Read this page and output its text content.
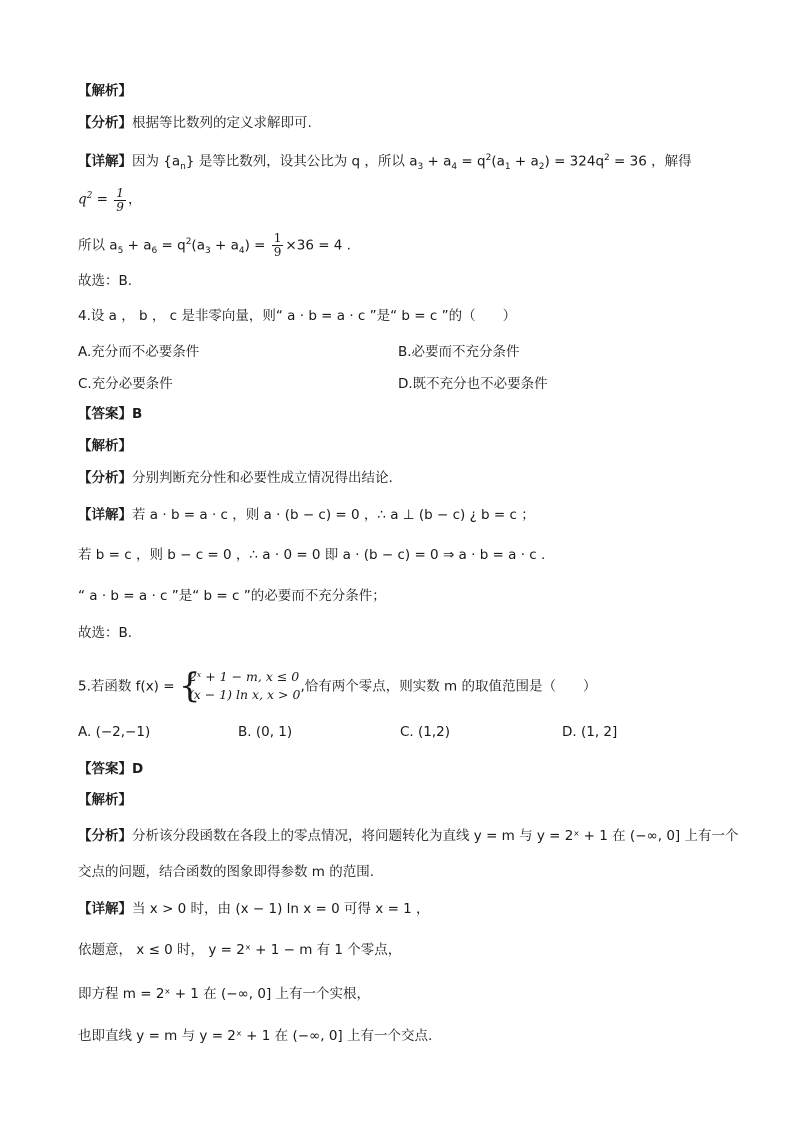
【解析】
【分析】根据等比数列的定义求解即可.
【详解】因为 $\{a_n\}$ 是等比数列，设其公比为 q ，所以 $a_3 + a_4 = q^2(a_1 + a_2) = 324q^2 = 36$ ，解得
$q^2 = \frac{1}{9}$ ，
所以 $a_5 + a_6 = q^2(a_3 + a_4) = \frac{1}{9} \times 36 = 4$ .
故选：B.
4.设 a ， b ， c 是非零向量，则“ a · b = a · c ”是“ b = c ”的（　　）
A.充分而不必要条件	B.必要而不充分条件
C.充分必要条件	D.既不充分也不必要条件
【答案】B
【解析】
【分析】分别判断充分性和必要性成立情况得出结论.
【详解】若 a · b = a · c ，则 a · (b − c) = 0 ，∴ a ⊥ (b − c) ¿ b = c ；
若 b = c ，则 b − c = 0 ，∴ a · 0 = 0 即 a · (b − c) = 0 ⇒ a · b = a · c .
“ a · b = a · c ”是“ b = c ”的必要而不充分条件；
故选：B.
5.若函数 f(x) = {
2ˣ + 1 − m, x ≤ 0
(x − 1) ln x, x > 0 ,恰有两个零点，则实数 m 的取值范围是（　　）
A. (−2,−1)	B. (0, 1)	C. (1,2)	D. (1, 2]
【答案】D
【解析】
【分析】分析该分段函数在各段上的零点情况，将问题转化为直线 y = m 与 y = 2ˣ + 1 在 (−∞, 0] 上有一个
交点的问题，结合函数的图象即得参数 m 的范围.
【详解】当 x > 0 时，由 (x − 1) ln x = 0 可得 x = 1 ，
依题意， x ≤ 0 时， y = 2ˣ + 1 − m 有 1 个零点，
即方程 m = 2ˣ + 1 在 (−∞, 0] 上有一个实根，
也即直线 y = m 与 y = 2ˣ + 1 在 (−∞, 0] 上有一个交点.
